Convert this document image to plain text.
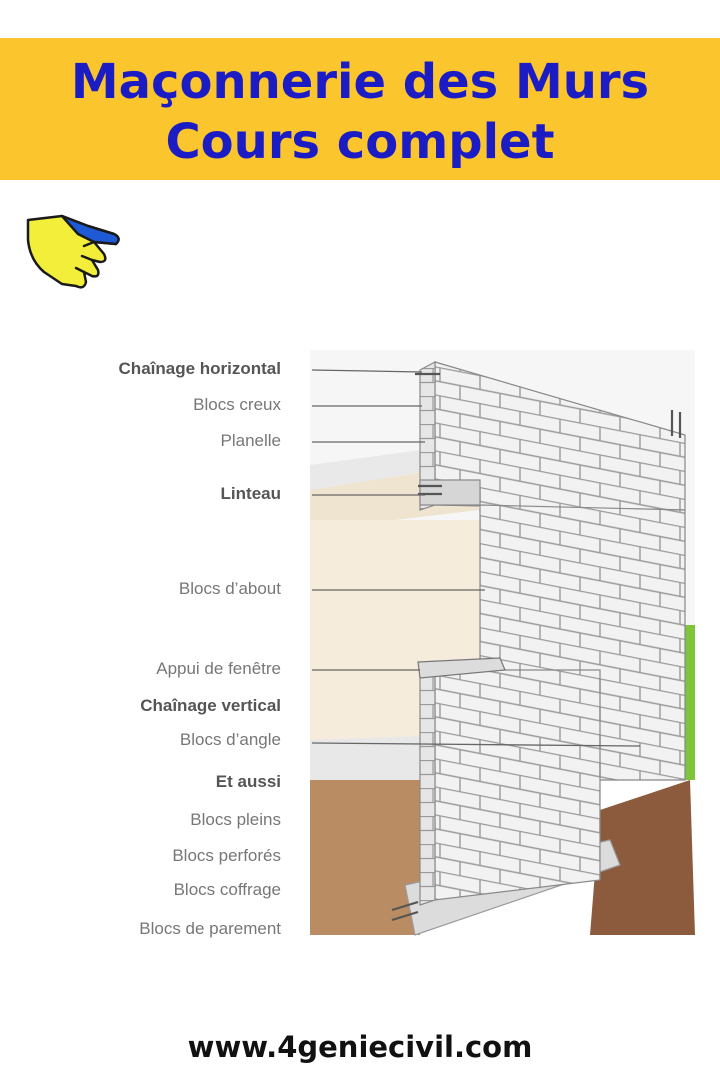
Maçonnerie des Murs
Cours complet
Chaînage horizontal
Blocs creux
Planelle
Linteau
Blocs d’about
Appui de fenêtre
Chaînage vertical
Blocs d’angle
Et aussi
Blocs pleins
Blocs perforés
Blocs coffrage
Blocs de parement
www.4geniecivil.com
